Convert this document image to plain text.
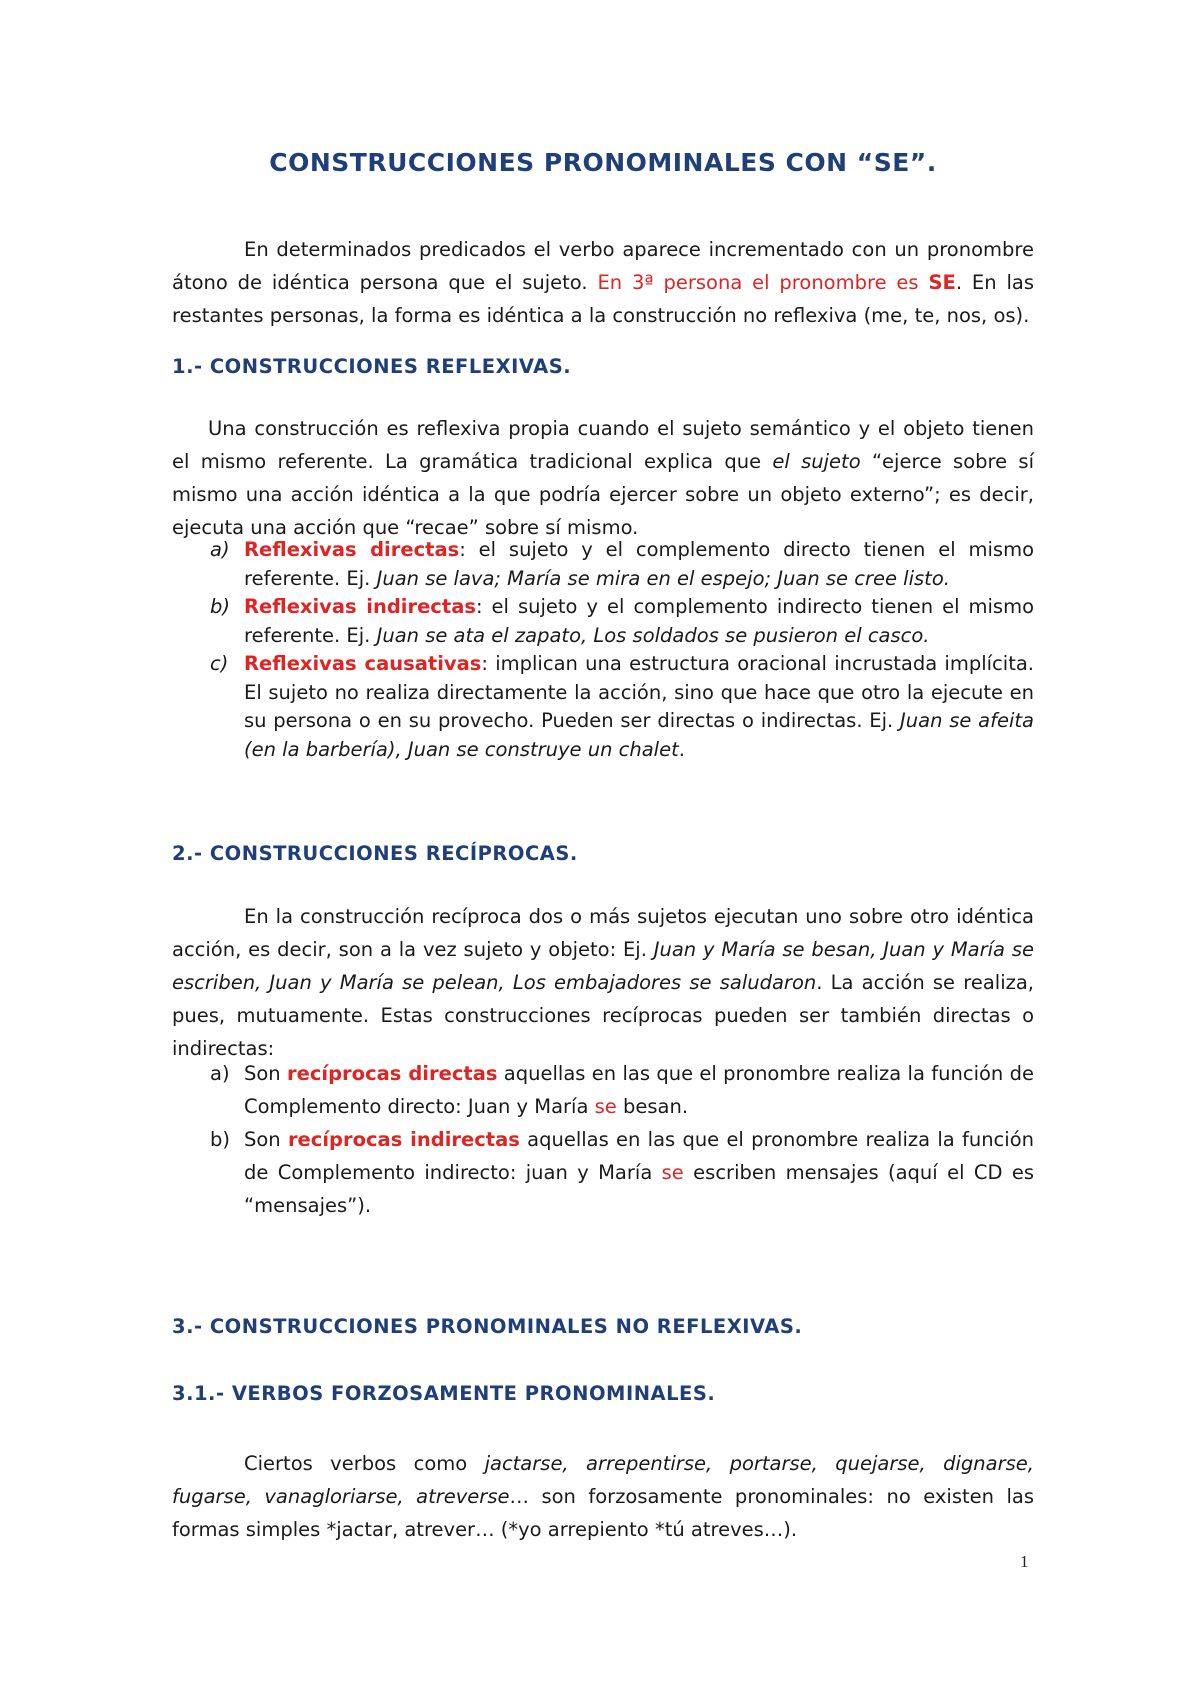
CONSTRUCCIONES PRONOMINALES CON “SE”.

En determinados predicados el verbo aparece incrementado con un pronombre átono de idéntica persona que el sujeto. En 3ª persona el pronombre es SE. En las restantes personas, la forma es idéntica a la construcción no reflexiva (me, te, nos, os).

1.- CONSTRUCCIONES REFLEXIVAS.

Una construcción es reflexiva propia cuando el sujeto semántico y el objeto tienen el mismo referente. La gramática tradicional explica que el sujeto “ejerce sobre sí mismo una acción idéntica a la que podría ejercer sobre un objeto externo”; es decir, ejecuta una acción que “recae” sobre sí mismo.

a) Reflexivas directas: el sujeto y el complemento directo tienen el mismo referente. Ej. Juan se lava; María se mira en el espejo; Juan se cree listo.
b) Reflexivas indirectas: el sujeto y el complemento indirecto tienen el mismo referente. Ej. Juan se ata el zapato, Los soldados se pusieron el casco.
c) Reflexivas causativas: implican una estructura oracional incrustada implícita. El sujeto no realiza directamente la acción, sino que hace que otro la ejecute en su persona o en su provecho. Pueden ser directas o indirectas. Ej. Juan se afeita (en la barbería), Juan se construye un chalet.
2.- CONSTRUCCIONES RECÍPROCAS.

En la construcción recíproca dos o más sujetos ejecutan uno sobre otro idéntica acción, es decir, son a la vez sujeto y objeto: Ej. Juan y María se besan, Juan y María se escriben, Juan y María se pelean, Los embajadores se saludaron. La acción se realiza, pues, mutuamente. Estas construcciones recíprocas pueden ser también directas o indirectas:

a) Son recíprocas directas aquellas en las que el pronombre realiza la función de Complemento directo: Juan y María se besan.
b) Son recíprocas indirectas aquellas en las que el pronombre realiza la función de Complemento indirecto: juan y María se escriben mensajes (aquí el CD es “mensajes”).
3.- CONSTRUCCIONES PRONOMINALES NO REFLEXIVAS.
3.1.- VERBOS FORZOSAMENTE PRONOMINALES.

Ciertos verbos como jactarse, arrepentirse, portarse, quejarse, dignarse, fugarse, vanagloriarse, atreverse… son forzosamente pronominales: no existen las formas simples *jactar, atrever… (*yo arrepiento *tú atreves…).

1
